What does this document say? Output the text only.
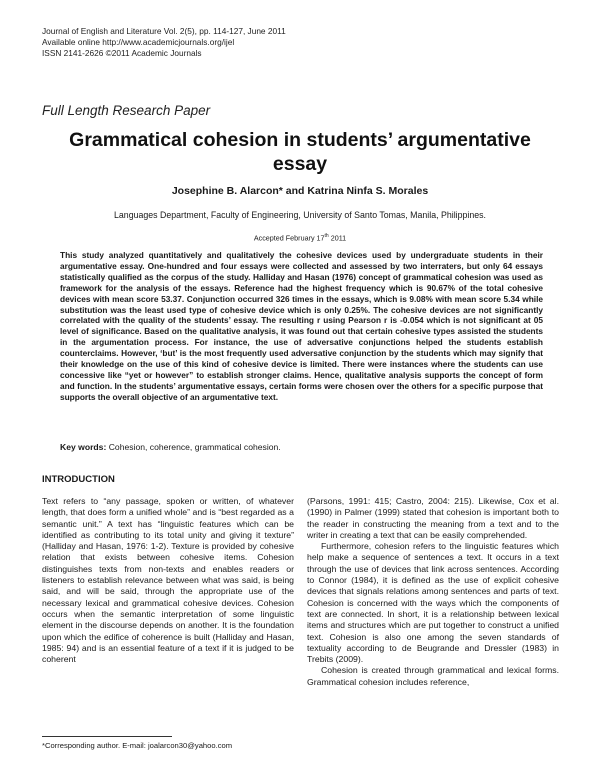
Journal of English and Literature Vol. 2(5), pp. 114-127, June 2011
Available online http://www.academicjournals.org/ijel
ISSN 2141-2626 ©2011 Academic Journals
Full Length Research Paper
Grammatical cohesion in students’ argumentative essay
Josephine B. Alarcon* and Katrina Ninfa S. Morales
Languages Department, Faculty of Engineering, University of Santo Tomas, Manila, Philippines.
Accepted February 17th 2011
This study analyzed quantitatively and qualitatively the cohesive devices used by undergraduate students in their argumentative essay. One-hundred and four essays were collected and assessed by two interraters, but only 64 essays statistically qualified as the corpus of the study. Halliday and Hasan (1976) concept of grammatical cohesion was used as framework for the analysis of the essays. Reference had the highest frequency which is 90.67% of the total cohesive devices with mean score 53.37. Conjunction occurred 326 times in the essays, which is 9.08% with mean score 5.34 while substitution was the least used type of cohesive device which is only 0.25%. The cohesive devices are not significantly correlated with the quality of the students’ essay. The resulting r using Pearson r is -0.054 which is not significant at 05 level of significance. Based on the qualitative analysis, it was found out that certain cohesive types assisted the students in the argumentation process. For instance, the use of adversative conjunctions helped the students establish counterclaims. However, ‘but’ is the most frequently used adversative conjunction by the students which may signify that their knowledge on the use of this kind of cohesive device is limited. There were instances where the students can use concessive like “yet or however” to establish stronger claims. Hence, qualitative analysis supports the concept of form and function. In the students’ argumentative essays, certain forms were chosen over the others for a specific purpose that supports the overall objective of an argumentative text.
Key words: Cohesion, coherence, grammatical cohesion.
INTRODUCTION

Text refers to “any passage, spoken or written, of whatever length, that does form a unified whole” and is “best regarded as a semantic unit.” A text has “linguistic features which can be identified as contributing to its total unity and giving it texture” (Halliday and Hasan, 1976: 1-2). Texture is provided by cohesive relation that exists between cohesive items. Cohesion distinguishes texts from non-texts and enables readers or listeners to establish relevance between what was said, is being said, and will be said, through the appropriate use of the necessary lexical and grammatical cohesive devices. Cohesion occurs when the semantic interpretation of some linguistic element in the discourse depends on another. It is the foundation upon which the edifice of coherence is built (Halliday and Hasan, 1985: 94) and is an essential feature of a text if it is judged to be coherent

(Parsons, 1991: 415; Castro, 2004: 215). Likewise, Cox et al. (1990) in Palmer (1999) stated that cohesion is important both to the reader in constructing the meaning from a text and to the writer in creating a text that can be easily comprehended.

Furthermore, cohesion refers to the linguistic features which help make a sequence of sentences a text. It occurs in a text through the use of devices that link across sentences. According to Connor (1984), it is defined as the use of explicit cohesive devices that signals relations among sentences and parts of text. Cohesion is concerned with the ways which the components of text are connected. In short, it is a relationship between lexical items and structures which are put together to construct a unified text. Cohesion is also one among the seven standards of textuality according to de Beugrande and Dressler (1983) in Trebits (2009).

Cohesion is created through grammatical and lexical forms. Grammatical cohesion includes reference,

*Corresponding author. E-mail: joalarcon30@yahoo.com
